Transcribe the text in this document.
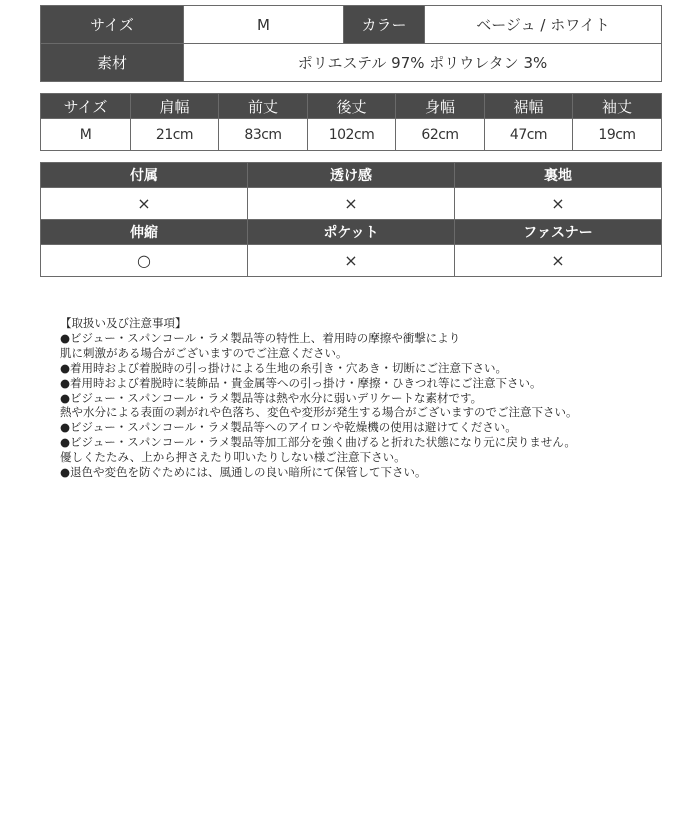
サイズ	M	カラー	ベージュ / ホワイト
素材	ポリエステル 97% ポリウレタン 3%		
サイズ	肩幅	前丈	後丈	身幅	裾幅	袖丈
M	21cm	83cm	102cm	62cm	47cm	19cm
付属	透け感	裏地
×	×	×
伸縮	ポケット	ファスナー
○	×	×

【取扱い及び注意事項】

●ビジュー・スパンコール・ラメ製品等の特性上、着用時の摩擦や衝撃により

肌に刺激がある場合がございますのでご注意ください。

●着用時および着脱時の引っ掛けによる生地の糸引き・穴あき・切断にご注意下さい。

●着用時および着脱時に装飾品・貴金属等への引っ掛け・摩擦・ひきつれ等にご注意下さい。

●ビジュー・スパンコール・ラメ製品等は熱や水分に弱いデリケートな素材です。

熱や水分による表面の剥がれや色落ち、変色や変形が発生する場合がございますのでご注意下さい。

●ビジュー・スパンコール・ラメ製品等へのアイロンや乾燥機の使用は避けてください。

●ビジュー・スパンコール・ラメ製品等加工部分を強く曲げると折れた状態になり元に戻りません。

優しくたたみ、上から押さえたり叩いたりしない様ご注意下さい。

●退色や変色を防ぐためには、風通しの良い暗所にて保管して下さい。
